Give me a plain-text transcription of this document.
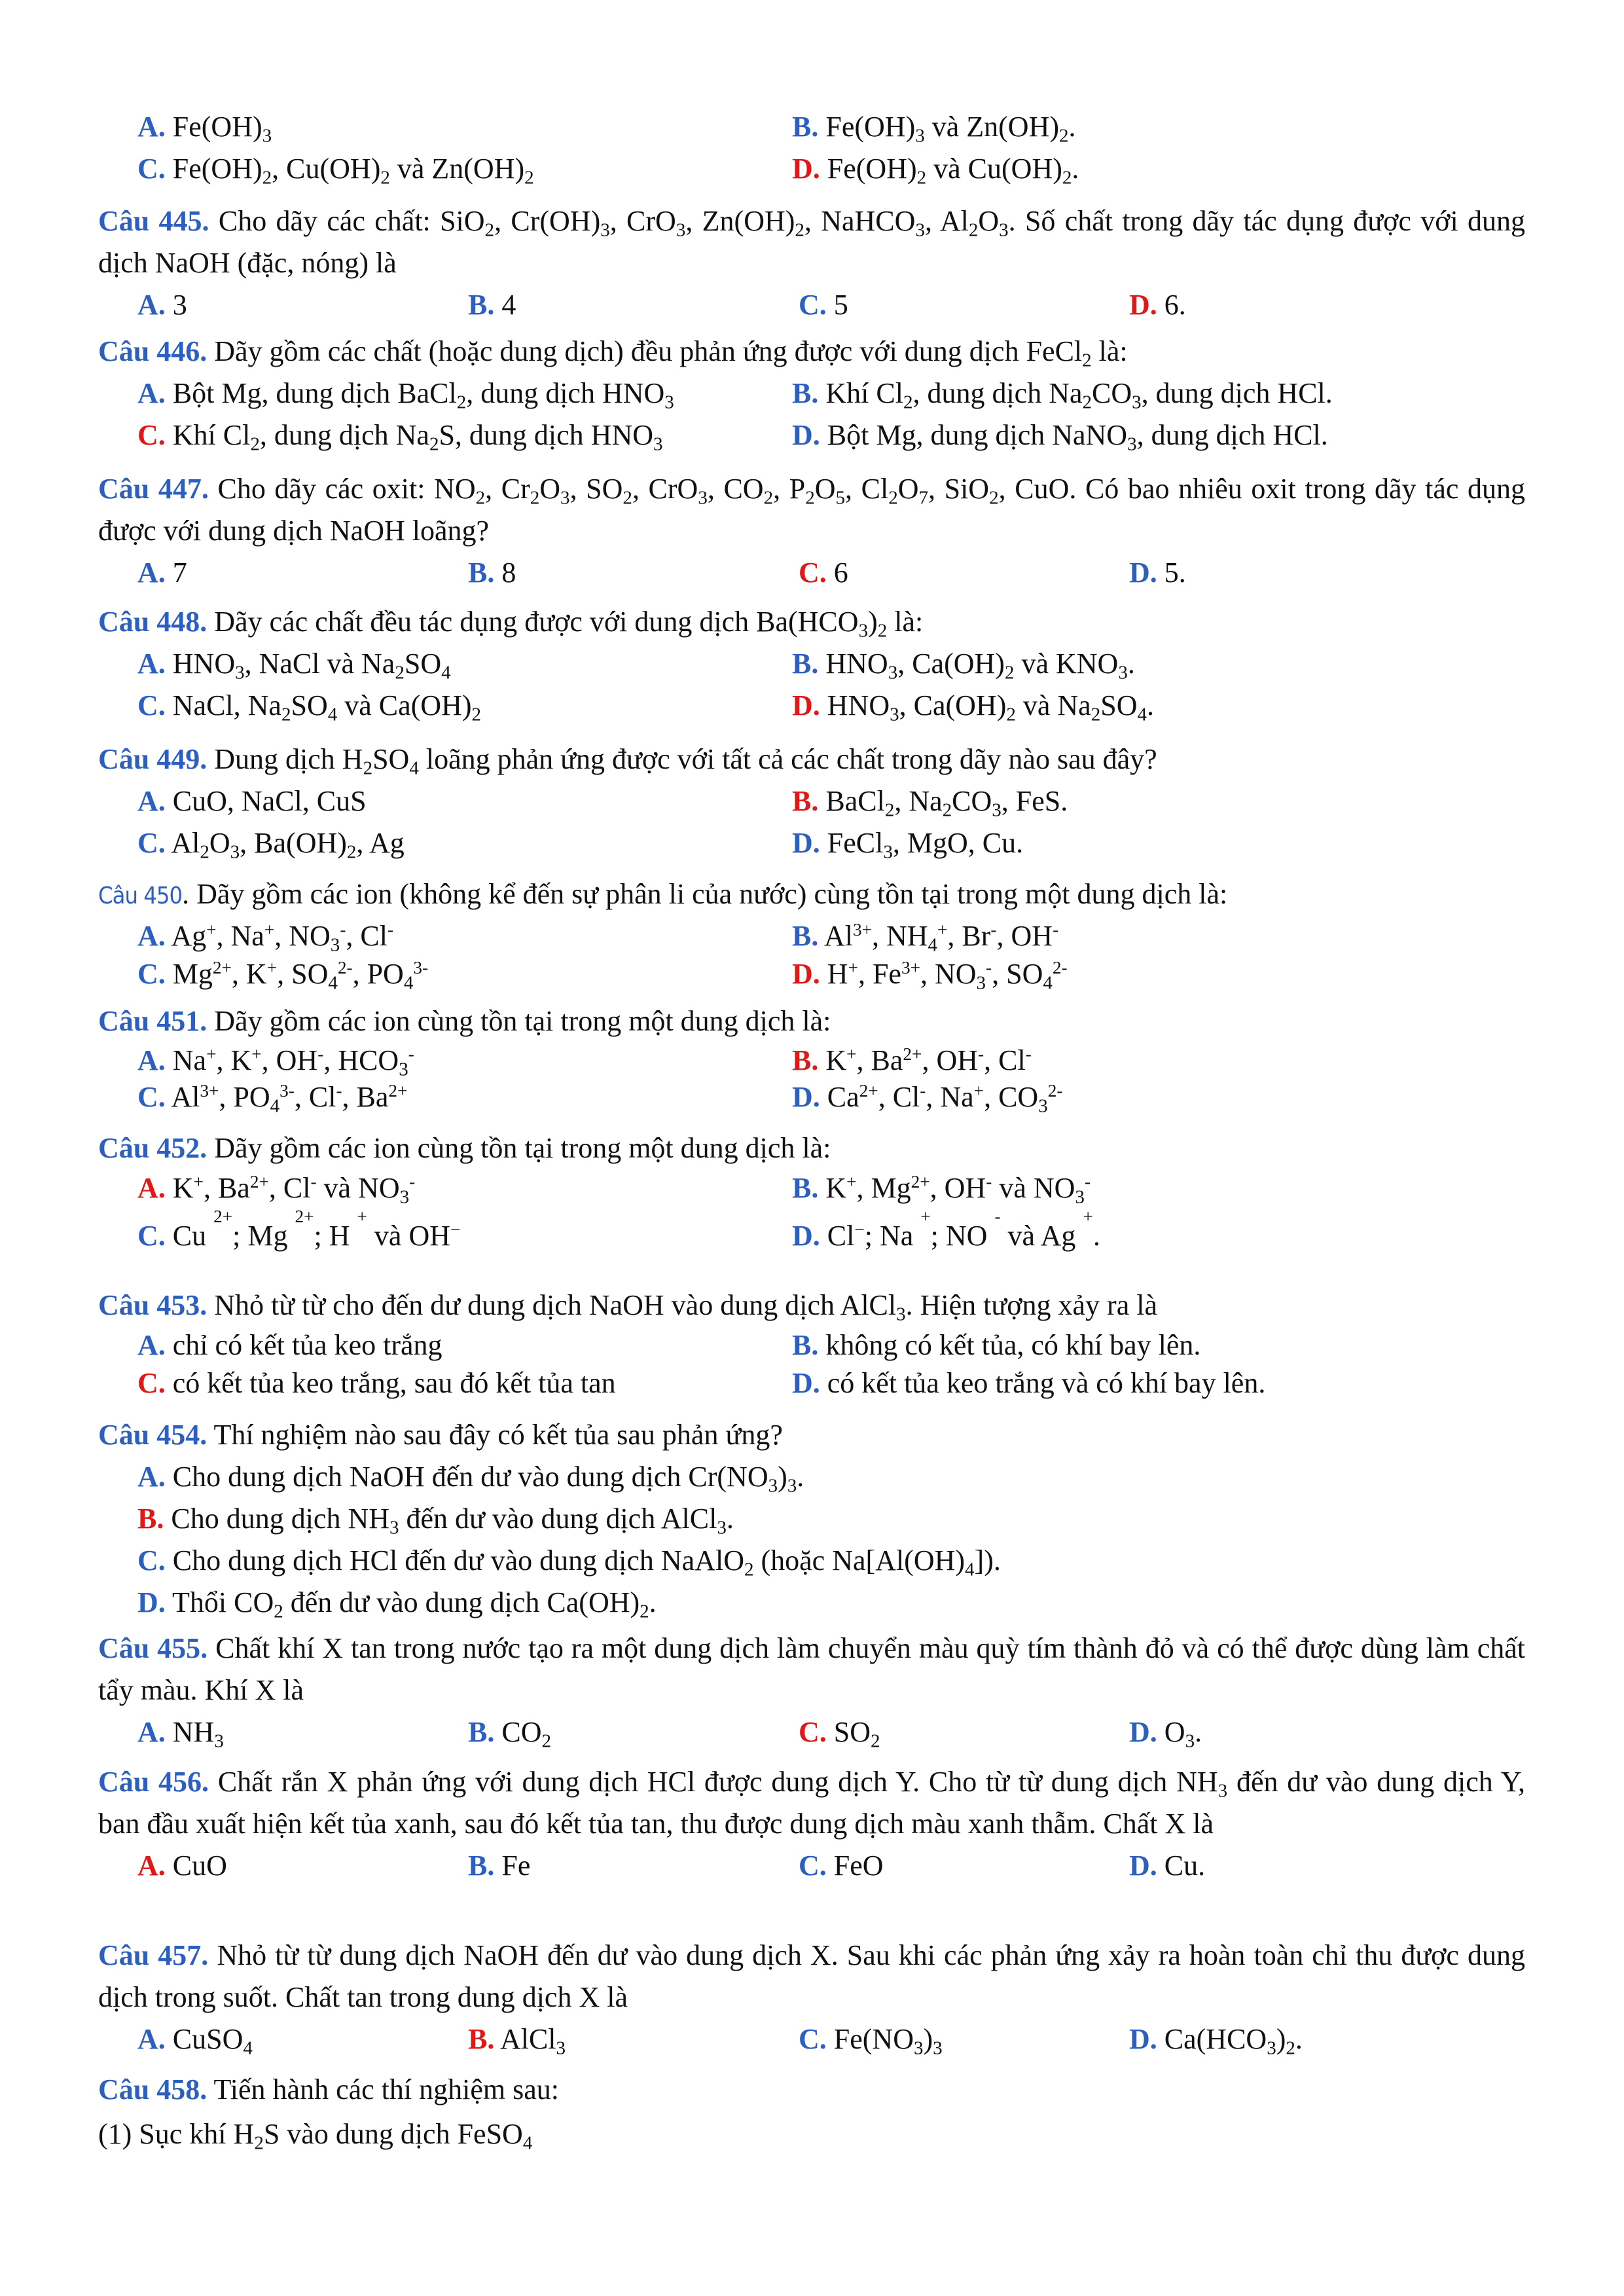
A. $Fe(OH)_3$	B. $Fe(OH)_3$ và $Zn(OH)_2$.
C. $Fe(OH)_2$, $Cu(OH)_2$ và $Zn(OH)_2$	D. $Fe(OH)_2$ và $Cu(OH)_2$.
Câu 445. Cho dãy các chất: SiO$_2$, $Cr(OH)_3$, CrO$_3$, $Zn(OH)_2$, NaHCO$_3$, $Al_2O_3$. Số chất trong dãy tác dụng được với dung dịch NaOH (đặc, nóng) là
A. 3	B. 4	C. 5	D. 6.
Câu 446. Dãy gồm các chất (hoặc dung dịch) đều phản ứng được với dung dịch FeCl$_2$ là:
A. Bột Mg, dung dịch BaCl$_2$, dung dịch $HNO_3$	B. Khí $Cl_2$, dung dịch $Na_2CO_3$, dung dịch HCl.
C. Khí $Cl_2$, dung dịch $Na_2S$, dung dịch $HNO_3$	D. Bột Mg, dung dịch NaNO$_3$, dung dịch HCl.
Câu 447. Cho dãy các oxit: $NO_2$, $Cr_2O_3$, $SO_2$, CrO$_3$, $CO_2$, $P_2O_5$, $Cl_2O_7$, SiO$_2$, CuO. Có bao nhiêu oxit trong dãy tác dụng được với dung dịch NaOH loãng?
A. 7	B. 8	C. 6	D. 5.
Câu 448. Dãy các chất đều tác dụng được với dung dịch $Ba(HCO_3)_2$ là:
A. $HNO_3$, NaCl và $Na_2SO_4$	B. $HNO_3$, $Ca(OH)_2$ và $KNO_3$.
C. NaCl, $Na_2SO_4$ và $Ca(OH)_2$	D. $HNO_3$, $Ca(OH)_2$ và $Na_2SO_4$.
Câu 449. Dung dịch $H_2SO_4$ loãng phản ứng được với tất cả các chất trong dãy nào sau đây?
A. CuO, NaCl, CuS	B. BaCl$_2$, $Na_2CO_3$, FeS.
C. $Al_2O_3$, $Ba(OH)_2$, Ag	D. FeCl$_3$, MgO, Cu.
Câu 450. Dãy gồm các ion (không kể đến sự phân li của nước) cùng tồn tại trong một dung dịch là:
A. Ag+, Na+, $NO_3^-$, Cl-	B. $Al^{3+}$, $NH_4^+$, Br-, OH-
C. $Mg^{2+}$, K+, $SO_4^{2-}$, $PO_4^{3-}$	D. H+, $Fe^{3+}$, $NO_3^-$, $SO_4^{2-}$
Câu 451. Dãy gồm các ion cùng tồn tại trong một dung dịch là:
A. Na+, K+, OH-, $HCO_3^-$	B. K+, $Ba^{2+}$, OH-, Cl-
C. $Al^{3+}$, $PO_4^{3-}$, Cl-, $Ba^{2+}$	D. $Ca^{2+}$, Cl-, Na+, $CO_3^{2-}$
Câu 452. Dãy gồm các ion cùng tồn tại trong một dung dịch là:
A. K+, $Ba^{2+}$, Cl- và $NO_3^-$	B. K+, $Mg^{2+}$, OH- và $NO_3^-$
C. Cu $^{2+}$; Mg $^{2+}$; H + và OH−	D. Cl−; Na +; NO - và Ag +.
Câu 453. Nhỏ từ từ cho đến dư dung dịch NaOH vào dung dịch AlCl$_3$. Hiện tượng xảy ra là
A. chỉ có kết tủa keo trắng	B. không có kết tủa, có khí bay lên.
C. có kết tủa keo trắng, sau đó kết tủa tan	D. có kết tủa keo trắng và có khí bay lên.
Câu 454. Thí nghiệm nào sau đây có kết tủa sau phản ứng?
A. Cho dung dịch NaOH đến dư vào dung dịch $Cr(NO_3)_3$.
B. Cho dung dịch $NH_3$ đến dư vào dung dịch AlCl$_3$.
C. Cho dung dịch HCl đến dư vào dung dịch NaAlO$_2$ (hoặc $Na[Al(OH)_4]$).
D. Thổi $CO_2$ đến dư vào dung dịch $Ca(OH)_2$.
Câu 455. Chất khí X tan trong nước tạo ra một dung dịch làm chuyển màu quỳ tím thành đỏ và có thể được dùng làm chất tẩy màu. Khí X là
A. $NH_3$	B. $CO_2$	C. $SO_2$	D. $O_3$.
Câu 456. Chất rắn X phản ứng với dung dịch HCl được dung dịch Y. Cho từ từ dung dịch $NH_3$ đến dư vào dung dịch Y, ban đầu xuất hiện kết tủa xanh, sau đó kết tủa tan, thu được dung dịch màu xanh thẫm. Chất X là
A. CuO	B. Fe	C. FeO	D. Cu.
Câu 457. Nhỏ từ từ dung dịch NaOH đến dư vào dung dịch X. Sau khi các phản ứng xảy ra hoàn toàn chỉ thu được dung dịch trong suốt. Chất tan trong dung dịch X là
A. CuSO$_4$	B. AlCl$_3$	C. $Fe(NO_3)_3$	D. $Ca(HCO_3)_2$.
Câu 458. Tiến hành các thí nghiệm sau:
(1) Sục khí $H_2S$ vào dung dịch FeSO$_4$
